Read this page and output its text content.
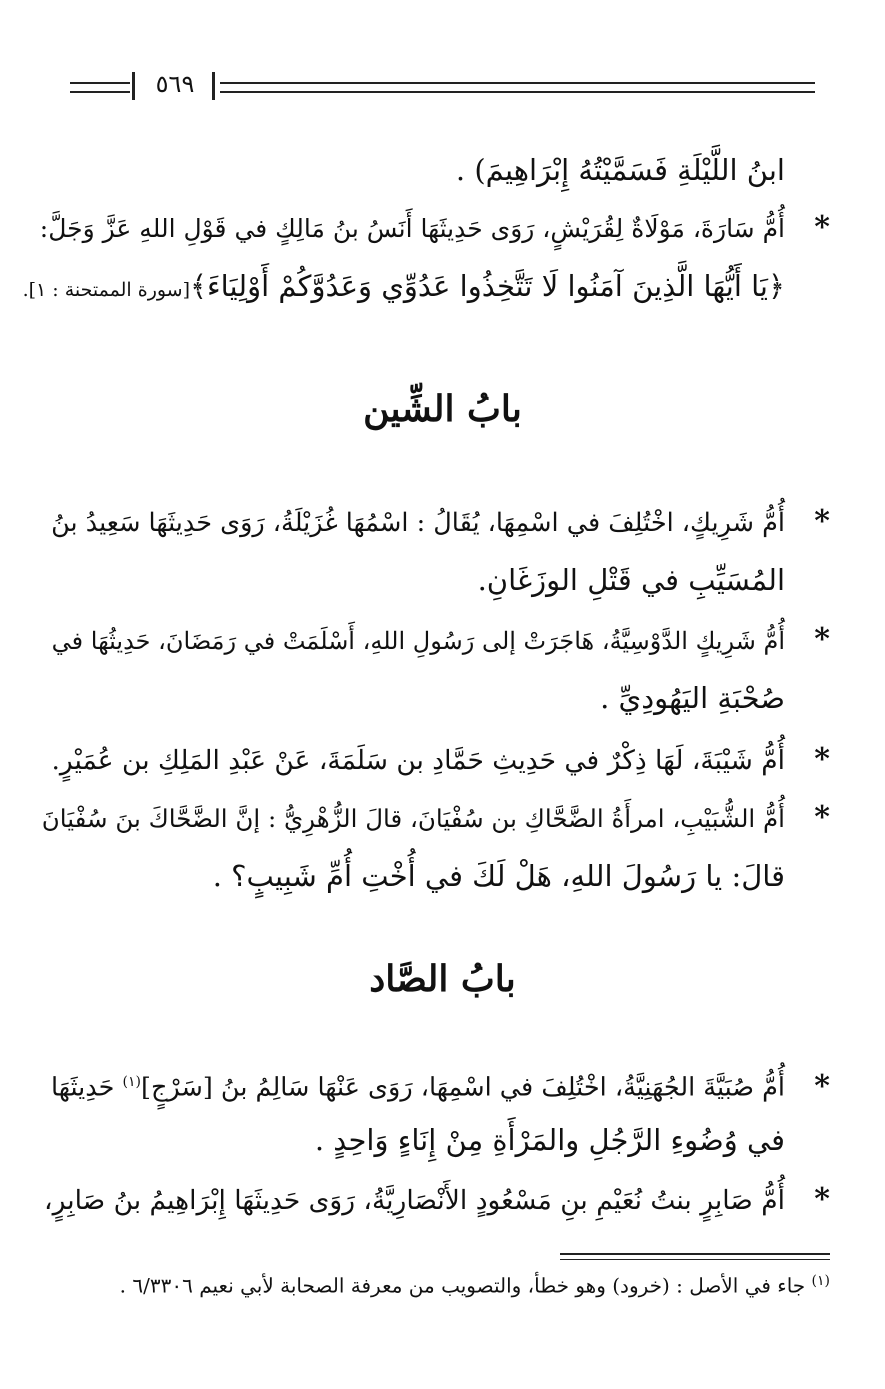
٥٦٩
ابنُ اللَّيْلَةِ فَسَمَّيْتُهُ إِبْرَاهِيمَ) .
*أُمُّ سَارَةَ، مَوْلَاةٌ لِقُرَيْشٍ، رَوَى حَدِيثَهَا أَنَسُ بنُ مَالِكٍ في قَوْلِ اللهِ عَزَّ وَجَلَّ:
﴿يَا أَيُّهَا الَّذِينَ آمَنُوا لَا تَتَّخِذُوا عَدُوِّي وَعَدُوَّكُمْ أَوْلِيَاءَ﴾[سورة الممتحنة : ١].
بابُ الشِّين
*أُمُّ شَرِيكٍ، اخْتُلِفَ في اسْمِهَا، يُقَالُ : اسْمُهَا غُزَيْلَةُ، رَوَى حَدِيثَهَا سَعِيدُ بنُ
المُسَيِّبِ في قَتْلِ الوزَغَانِ.
*أُمُّ شَرِيكٍ الدَّوْسِيَّةُ، هَاجَرَتْ إلى رَسُولِ اللهِ، أَسْلَمَتْ في رَمَضَانَ، حَدِيثُهَا في
صُحْبَةِ اليَهُودِيِّ .
*أُمُّ شَيْبَةَ، لَهَا ذِكْرٌ في حَدِيثِ حَمَّادِ بن سَلَمَةَ، عَنْ عَبْدِ المَلِكِ بن عُمَيْرٍ.
*أُمُّ الشُّبَيْبِ، امرأَةُ الضَّحَّاكِ بن سُفْيَانَ، قالَ الزُّهْرِيُّ : إنَّ الضَّحَّاكَ بنَ سُفْيَانَ
قالَ: يا رَسُولَ اللهِ، هَلْ لَكَ في أُخْتِ أُمِّ شَبِيبٍ؟ .
بابُ الصَّاد
*أُمُّ صُبَيَّةَ الجُهَنِيَّةُ، اخْتُلِفَ في اسْمِهَا، رَوَى عَنْهَا سَالِمُ بنُ [سَرْجٍ]$^{(١)}$ حَدِيثَهَا
في وُضُوءِ الرَّجُلِ والمَرْأَةِ مِنْ إِنَاءٍ وَاحِدٍ .
*أُمُّ صَابِرٍ بنتُ نُعَيْمِ بنِ مَسْعُودٍ الأَنْصَارِيَّةُ، رَوَى حَدِيثَهَا إِبْرَاهِيمُ بنُ صَابِرٍ،
$^{(١)}$ جاء في الأصل : (خرود) وهو خطأ، والتصويب من معرفة الصحابة لأبي نعيم ٦/٣٣٠٦ .
